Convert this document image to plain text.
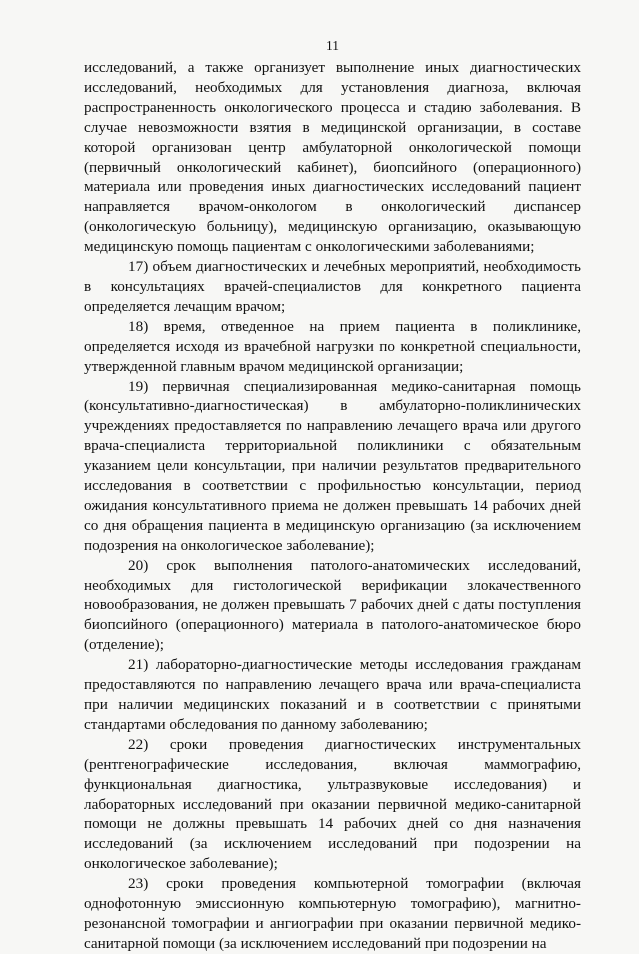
11

исследований, а также организует выполнение иных диагностических исследований, необходимых для установления диагноза, включая распространенность онкологического процесса и стадию заболевания. В случае невозможности взятия в медицинской организации, в составе которой организован центр амбулаторной онкологической помощи (первичный онкологический кабинет), биопсийного (операционного) материала или проведения иных диагностических исследований пациент направляется врачом-онкологом в онкологический диспансер (онкологическую больницу), медицинскую организацию, оказывающую медицинскую помощь пациентам с онкологическими заболеваниями;

17) объем диагностических и лечебных мероприятий, необходимость в консультациях врачей-специалистов для конкретного пациента определяется лечащим врачом;

18) время, отведенное на прием пациента в поликлинике, определяется исходя из врачебной нагрузки по конкретной специальности, утвержденной главным врачом медицинской организации;

19) первичная специализированная медико-санитарная помощь (консультативно-диагностическая) в амбулаторно-поликлинических учреждениях предоставляется по направлению лечащего врача или другого врача-специалиста территориальной поликлиники с обязательным указанием цели консультации, при наличии результатов предварительного исследования в соответствии с профильностью консультации, период ожидания консультативного приема не должен превышать 14 рабочих дней со дня обращения пациента в медицинскую организацию (за исключением подозрения на онкологическое заболевание);

20) срок выполнения патолого-анатомических исследований, необходимых для гистологической верификации злокачественного новообразования, не должен превышать 7 рабочих дней с даты поступления биопсийного (операционного) материала в патолого-анатомическое бюро (отделение);

21) лабораторно-диагностические методы исследования гражданам предоставляются по направлению лечащего врача или врача-специалиста при наличии медицинских показаний и в соответствии с принятыми стандартами обследования по данному заболеванию;

22) сроки проведения диагностических инструментальных (рентгенографические исследования, включая маммографию, функциональная диагностика, ультразвуковые исследования) и лабораторных исследований при оказании первичной медико-санитарной помощи не должны превышать 14 рабочих дней со дня назначения исследований (за исключением исследований при подозрении на онкологическое заболевание);

23) сроки проведения компьютерной томографии (включая однофотонную эмиссионную компьютерную томографию), магнитно-резонансной томографии и ангиографии при оказании первичной медико-санитарной помощи (за исключением исследований при подозрении на
